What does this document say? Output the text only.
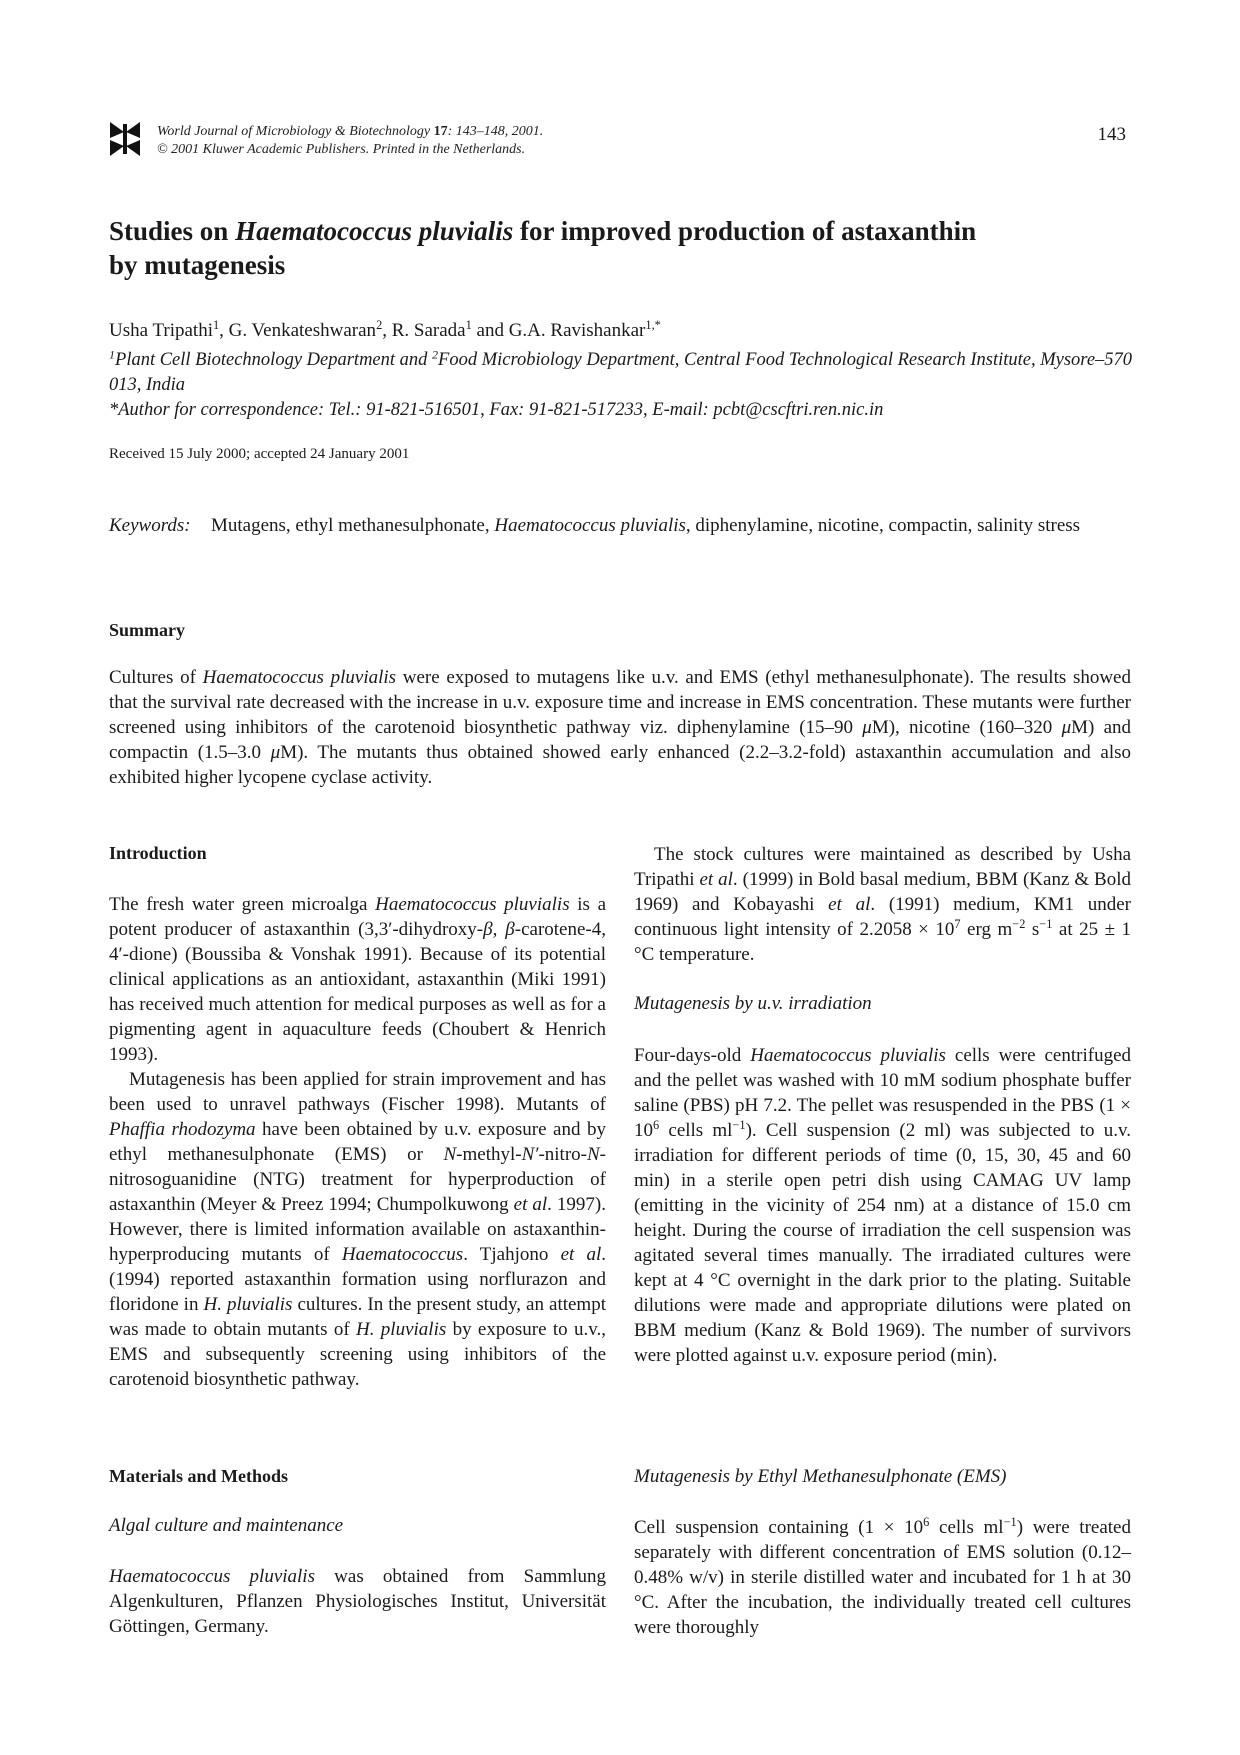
World Journal of Microbiology & Biotechnology 17: 143–148, 2001.
© 2001 Kluwer Academic Publishers. Printed in the Netherlands.
143
Studies on Haematococcus pluvialis for improved production of astaxanthin
by mutagenesis
Usha Tripathi$^1$, G. Venkateshwaran$^2$, R. Sarada$^1$ and G.A. Ravishankar$^{1,*}$
$^1$Plant Cell Biotechnology Department and $^2$Food Microbiology Department, Central Food Technological Research Institute, Mysore–570 013, India
*Author for correspondence: Tel.: 91-821-516501, Fax: 91-821-517233, E-mail: pcbt@cscftri.ren.nic.in
Received 15 July 2000; accepted 24 January 2001
Keywords: Mutagens, ethyl methanesulphonate, Haematococcus pluvialis, diphenylamine, nicotine, compactin, salinity stress
Summary
Cultures of Haematococcus pluvialis were exposed to mutagens like u.v. and EMS (ethyl methanesulphonate). The results showed that the survival rate decreased with the increase in u.v. exposure time and increase in EMS concentration. These mutants were further screened using inhibitors of the carotenoid biosynthetic pathway viz. diphenylamine (15–90 μM), nicotine (160–320 μM) and compactin (1.5–3.0 μM). The mutants thus obtained showed early enhanced (2.2–3.2-fold) astaxanthin accumulation and also exhibited higher lycopene cyclase activity.
Introduction

The fresh water green microalga Haematococcus pluvialis is a potent producer of astaxanthin (3,3′-dihydroxy-β, β-carotene-4, 4′-dione) (Boussiba & Vonshak 1991). Because of its potential clinical applications as an antioxidant, astaxanthin (Miki 1991) has received much attention for medical purposes as well as for a pigmenting agent in aquaculture feeds (Choubert & Henrich 1993).

Mutagenesis has been applied for strain improvement and has been used to unravel pathways (Fischer 1998). Mutants of Phaffia rhodozyma have been obtained by u.v. exposure and by ethyl methanesulphonate (EMS) or N-methyl-N′-nitro-N-nitrosoguanidine (NTG) treatment for hyperproduction of astaxanthin (Meyer & Preez 1994; Chumpolkuwong et al. 1997). However, there is limited information available on astaxanthin-hyperproducing mutants of Haematococcus. Tjahjono et al. (1994) reported astaxanthin formation using norflurazon and floridone in H. pluvialis cultures. In the present study, an attempt was made to obtain mutants of H. pluvialis by exposure to u.v., EMS and subsequently screening using inhibitors of the carotenoid biosynthetic pathway.

Materials and Methods
Algal culture and maintenance

Haematococcus pluvialis was obtained from Sammlung Algenkulturen, Pflanzen Physiologisches Institut, Universität Göttingen, Germany.

The stock cultures were maintained as described by Usha Tripathi et al. (1999) in Bold basal medium, BBM (Kanz & Bold 1969) and Kobayashi et al. (1991) medium, KM1 under continuous light intensity of $2.2058 \times 10^7$ erg $m^{-2}$ $s^{-1}$ at 25 ± 1 °C temperature.

Mutagenesis by u.v. irradiation

Four-days-old Haematococcus pluvialis cells were centrifuged and the pellet was washed with 10 mM sodium phosphate buffer saline (PBS) pH 7.2. The pellet was resuspended in the PBS ($1 \times 10^6$ cells $ml^{-1}$). Cell suspension (2 ml) was subjected to u.v. irradiation for different periods of time (0, 15, 30, 45 and 60 min) in a sterile open petri dish using CAMAG UV lamp (emitting in the vicinity of 254 nm) at a distance of 15.0 cm height. During the course of irradiation the cell suspension was agitated several times manually. The irradiated cultures were kept at 4 °C overnight in the dark prior to the plating. Suitable dilutions were made and appropriate dilutions were plated on BBM medium (Kanz & Bold 1969). The number of survivors were plotted against u.v. exposure period (min).

Mutagenesis by Ethyl Methanesulphonate (EMS)

Cell suspension containing ($1 \times 10^6$ cells $ml^{-1}$) were treated separately with different concentration of EMS solution (0.12–0.48% w/v) in sterile distilled water and incubated for 1 h at 30 °C. After the incubation, the individually treated cell cultures were thoroughly
